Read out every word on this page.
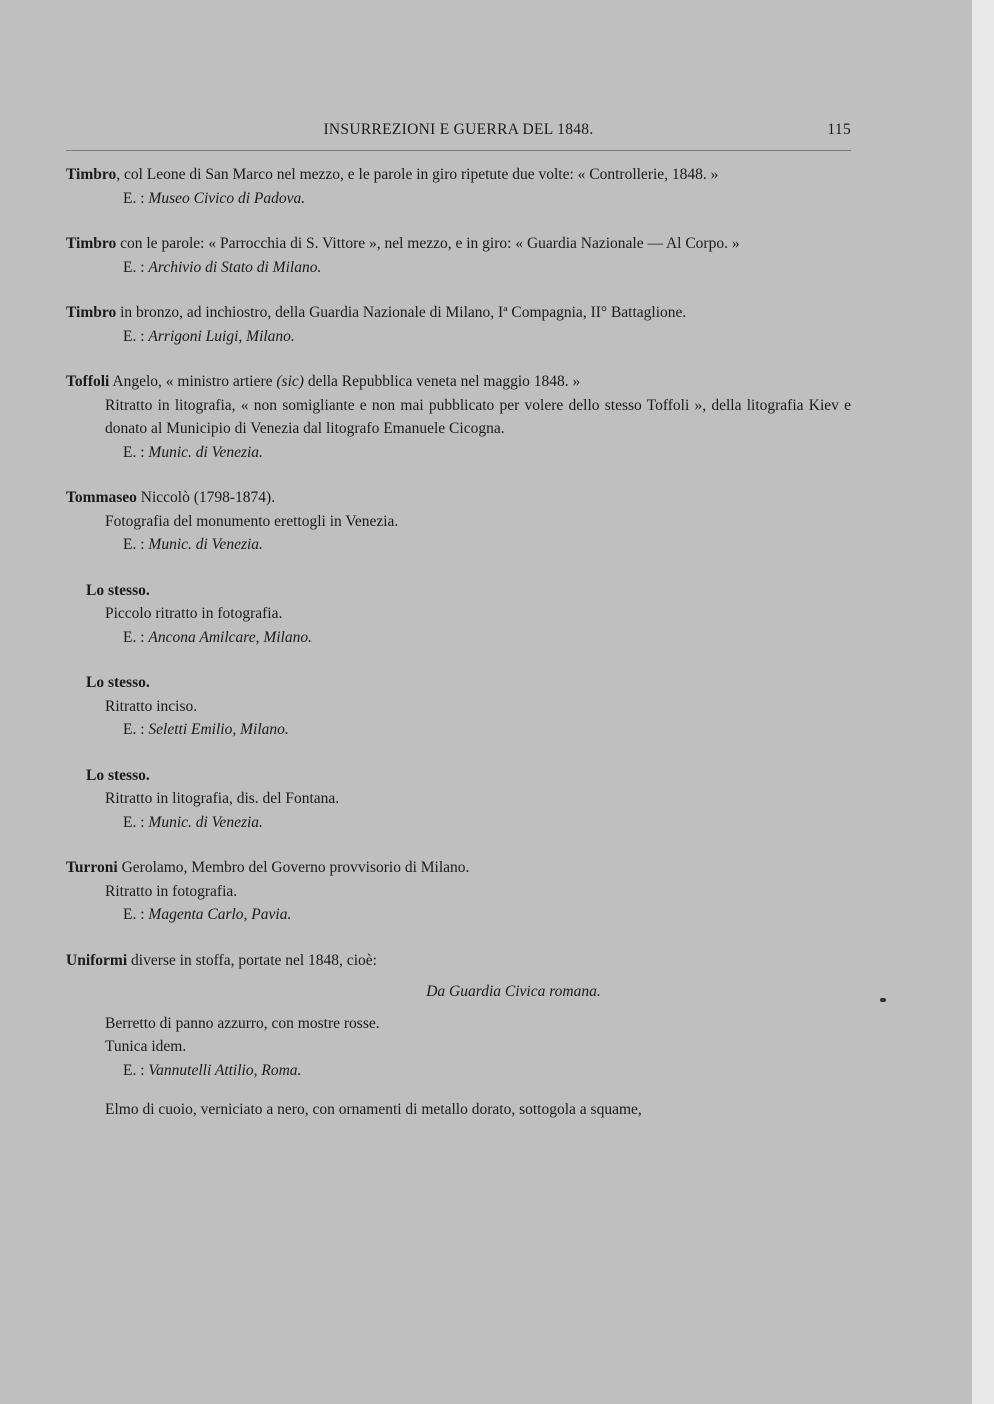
INSURREZIONI E GUERRA DEL 1848.	115

Timbro, col Leone di San Marco nel mezzo, e le parole in giro ripetute due volte: « Controllerie, 1848. »

E. : Museo Civico di Padova.

Timbro con le parole: « Parrocchia di S. Vittore », nel mezzo, e in giro: « Guardia Nazionale — Al Corpo. »

E. : Archivio di Stato di Milano.

Timbro in bronzo, ad inchiostro, della Guardia Nazionale di Milano, Iª Compagnia, II° Battaglione.

E. : Arrigoni Luigi, Milano.

Toffoli Angelo, « ministro artiere (sic) della Repubblica veneta nel maggio 1848. »

Ritratto in litografia, « non somigliante e non mai pubblicato per volere dello stesso Toffoli », della litografia Kiev e donato al Municipio di Venezia dal litografo Emanuele Cicogna.

E. : Munic. di Venezia.

Tommaseo Niccolò (1798-1874).

Fotografia del monumento erettogli in Venezia.

E. : Munic. di Venezia.

Lo stesso.

Piccolo ritratto in fotografia.

E. : Ancona Amilcare, Milano.

Lo stesso.

Ritratto inciso.

E. : Seletti Emilio, Milano.

Lo stesso.

Ritratto in litografia, dis. del Fontana.

E. : Munic. di Venezia.

Turroni Gerolamo, Membro del Governo provvisorio di Milano.

Ritratto in fotografia.

E. : Magenta Carlo, Pavia.

Uniformi diverse in stoffa, portate nel 1848, cioè:

Da Guardia Civica romana.

Berretto di panno azzurro, con mostre rosse.

Tunica idem.

E. : Vannutelli Attilio, Roma.

Elmo di cuoio, verniciato a nero, con ornamenti di metallo dorato, sottogola a squame,
